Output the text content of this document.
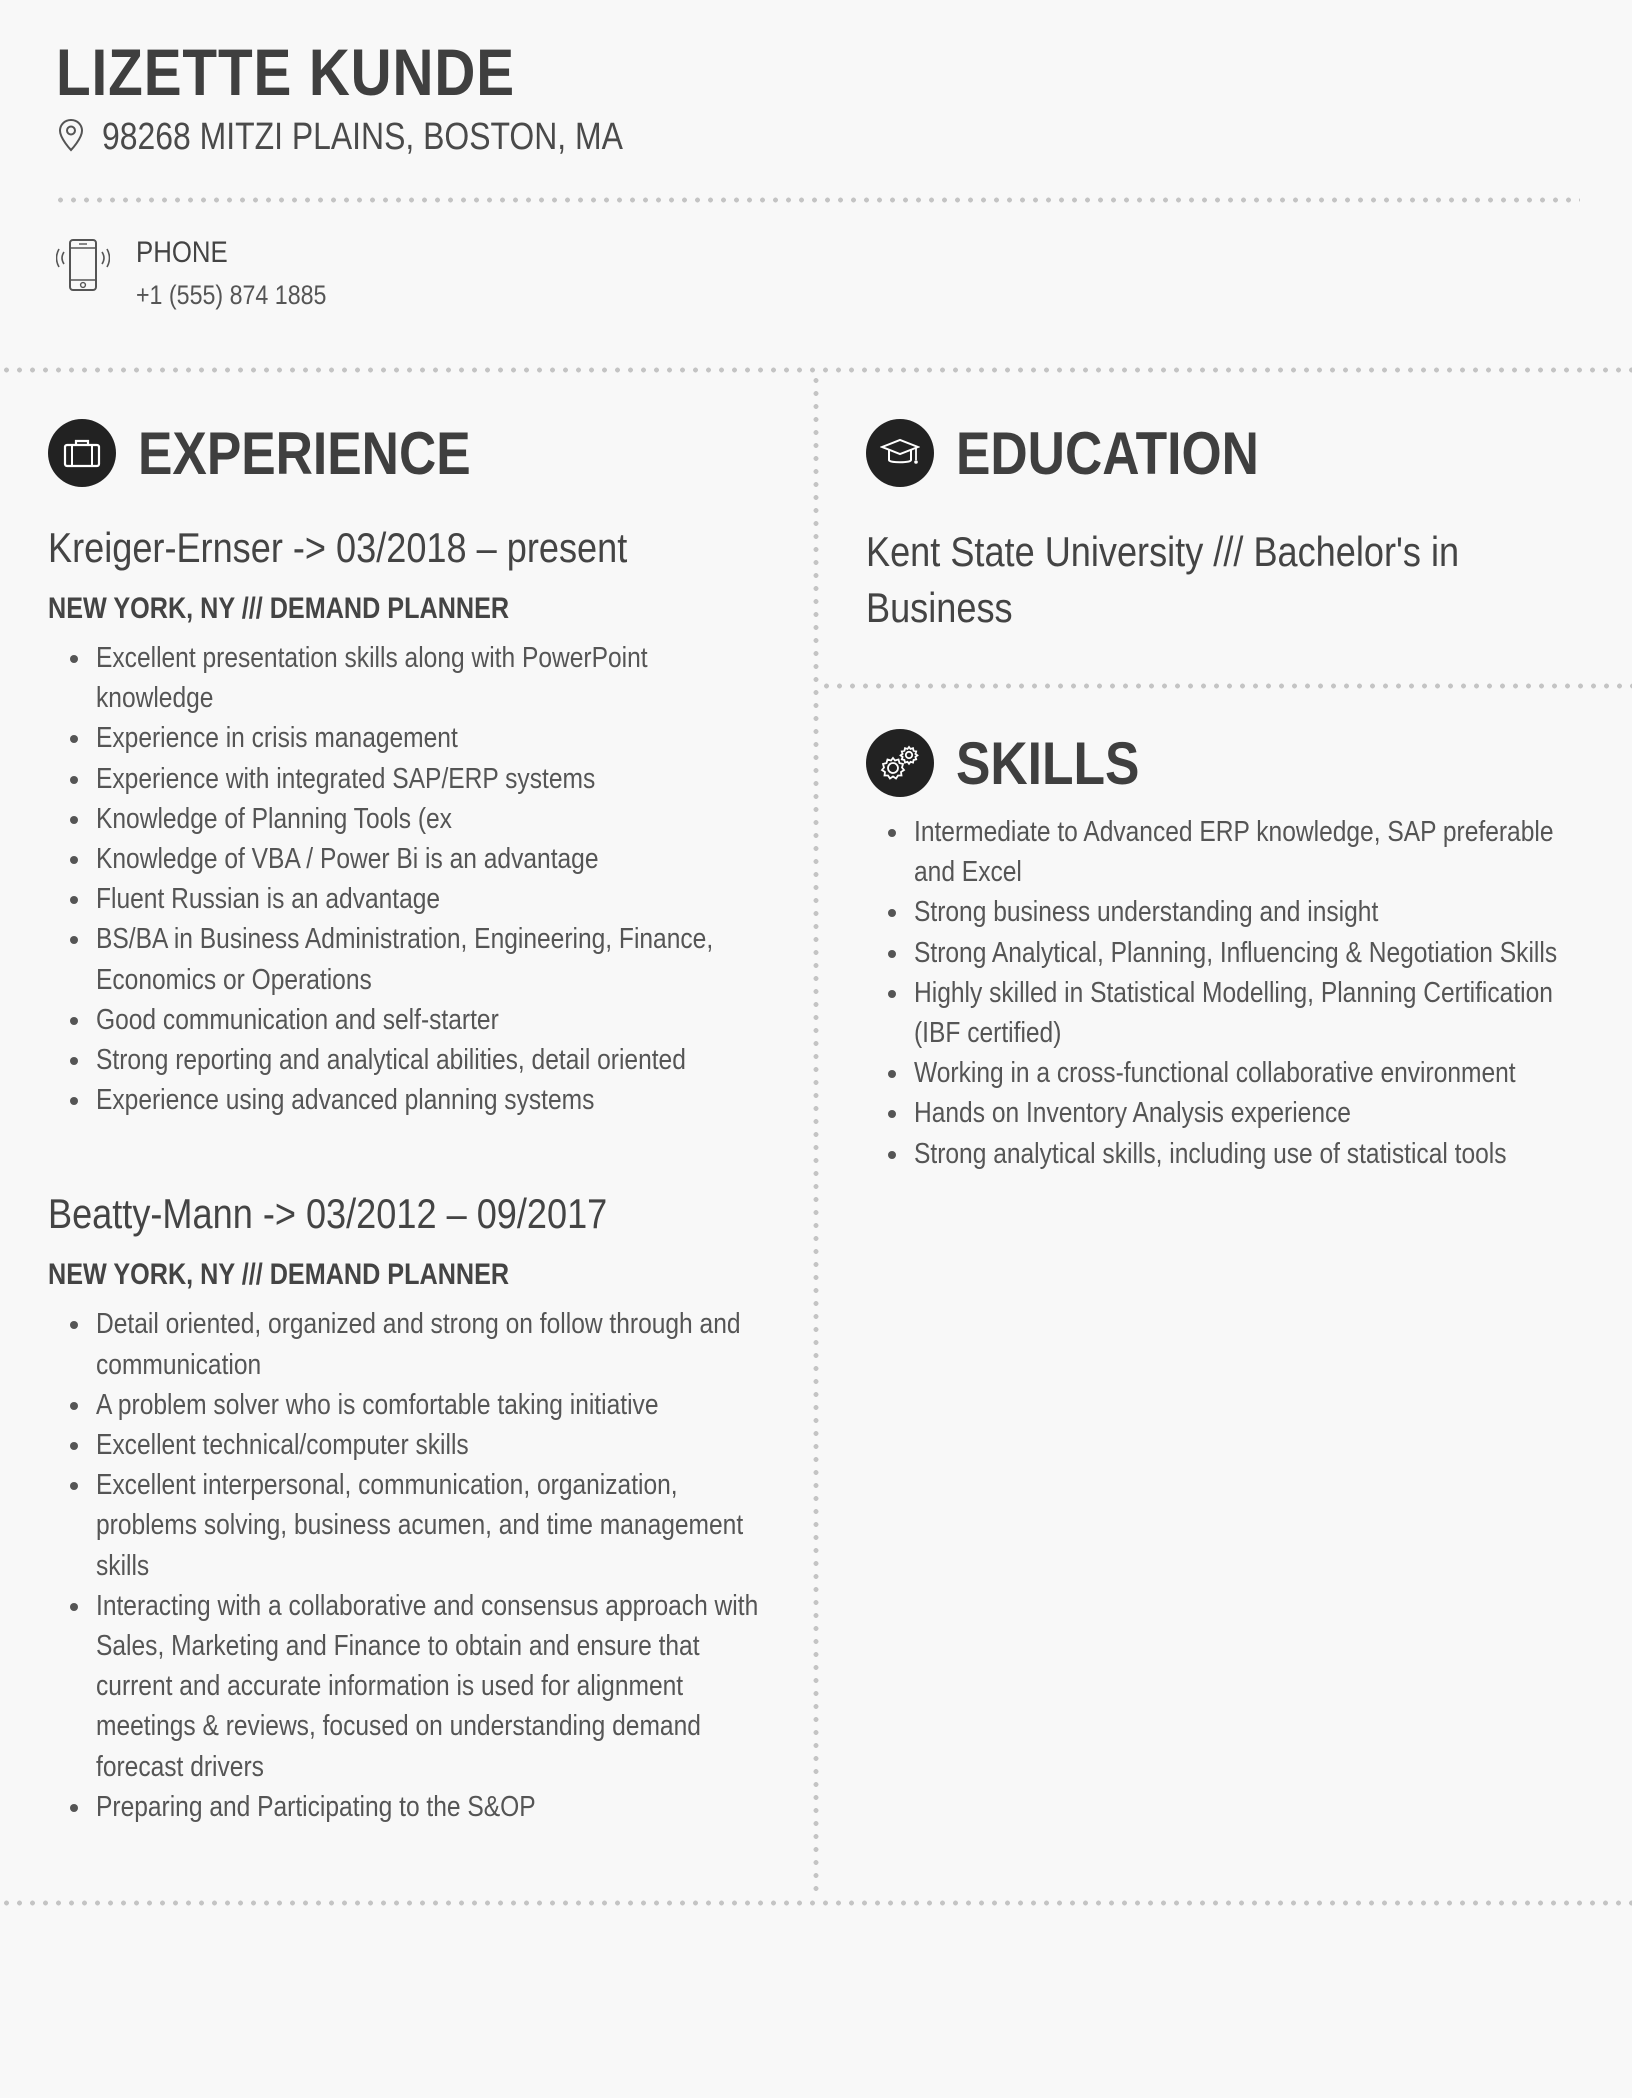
LIZETTE KUNDE
98268 MITZI PLAINS, BOSTON, MA
PHONE
+1 (555) 874 1885
EXPERIENCE
Kreiger-Ernser -> 03/2018 – present
NEW YORK, NY /// DEMAND PLANNER
Excellent presentation skills along with PowerPoint knowledge
Experience in crisis management
Experience with integrated SAP/ERP systems
Knowledge of Planning Tools (ex
Knowledge of VBA / Power Bi is an advantage
Fluent Russian is an advantage
BS/BA in Business Administration, Engineering, Finance, Economics or Operations
Good communication and self-starter
Strong reporting and analytical abilities, detail oriented
Experience using advanced planning systems
Beatty-Mann -> 03/2012 – 09/2017
NEW YORK, NY /// DEMAND PLANNER
Detail oriented, organized and strong on follow through and communication
A problem solver who is comfortable taking initiative
Excellent technical/computer skills
Excellent interpersonal, communication, organization, problems solving, business acumen, and time management skills
Interacting with a collaborative and consensus approach with Sales, Marketing and Finance to obtain and ensure that current and accurate information is used for alignment meetings & reviews, focused on understanding demand forecast drivers
Preparing and Participating to the S&OP
EDUCATION
Kent State University /// Bachelor's in Business
SKILLS
Intermediate to Advanced ERP knowledge, SAP preferable and Excel
Strong business understanding and insight
Strong Analytical, Planning, Influencing & Negotiation Skills
Highly skilled in Statistical Modelling, Planning Certification (IBF certified)
Working in a cross-functional collaborative environment
Hands on Inventory Analysis experience
Strong analytical skills, including use of statistical tools
